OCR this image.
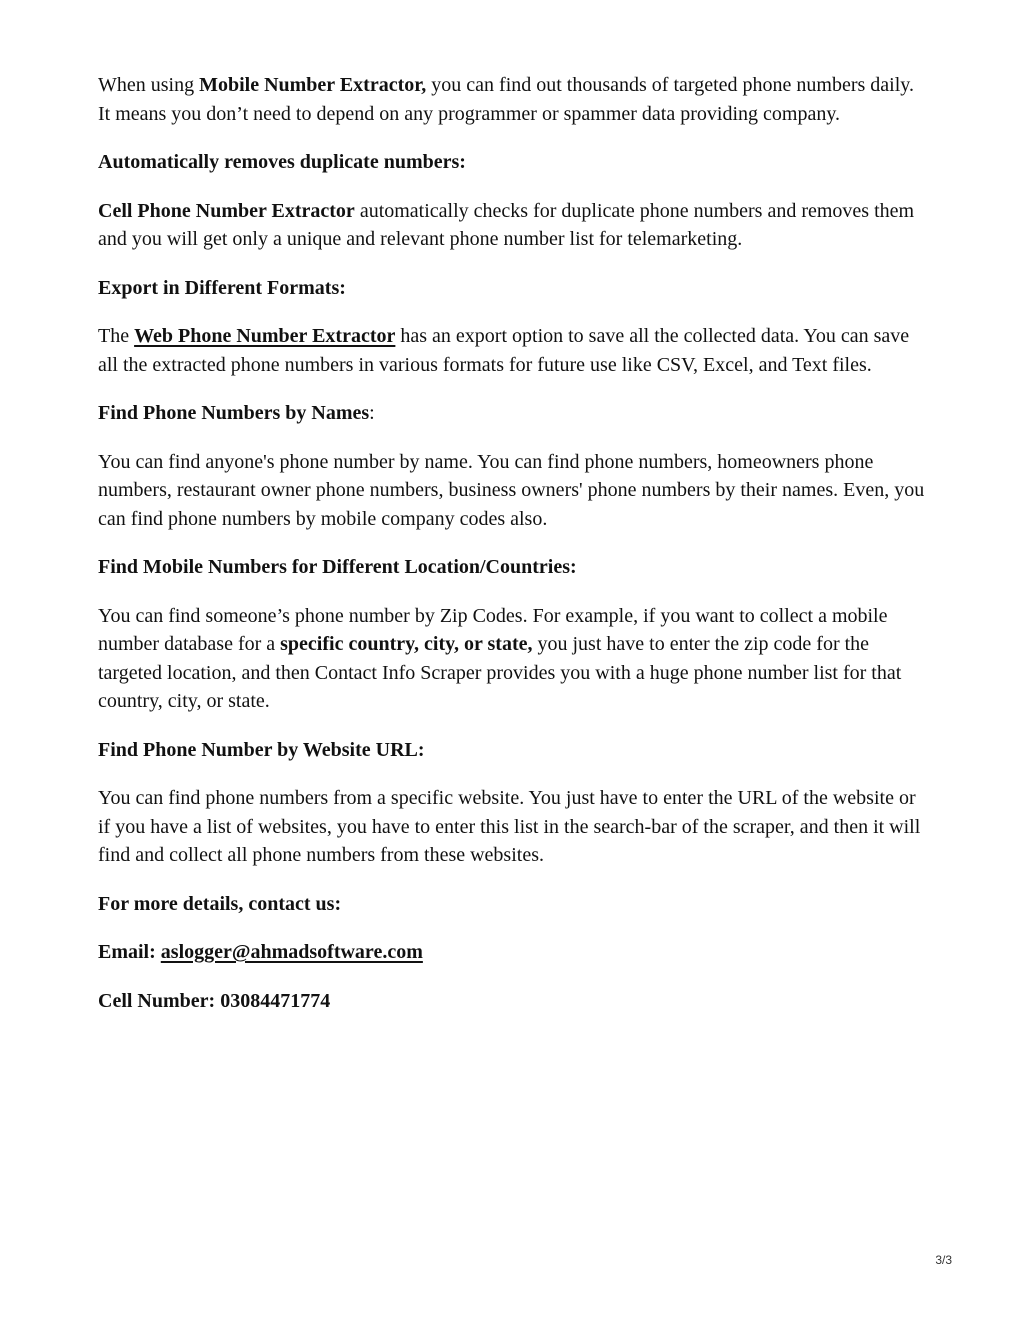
When using Mobile Number Extractor, you can find out thousands of targeted phone numbers daily. It means you don’t need to depend on any programmer or spammer data providing company.

Automatically removes duplicate numbers:

Cell Phone Number Extractor automatically checks for duplicate phone numbers and removes them and you will get only a unique and relevant phone number list for telemarketing.

Export in Different Formats:

The Web Phone Number Extractor has an export option to save all the collected data. You can save all the extracted phone numbers in various formats for future use like CSV, Excel, and Text files.

Find Phone Numbers by Names:

You can find anyone's phone number by name. You can find phone numbers, homeowners phone numbers, restaurant owner phone numbers, business owners' phone numbers by their names. Even, you can find phone numbers by mobile company codes also.

Find Mobile Numbers for Different Location/Countries:

You can find someone’s phone number by Zip Codes. For example, if you want to collect a mobile number database for a specific country, city, or state, you just have to enter the zip code for the targeted location, and then Contact Info Scraper provides you with a huge phone number list for that country, city, or state.

Find Phone Number by Website URL:

You can find phone numbers from a specific website. You just have to enter the URL of the website or if you have a list of websites, you have to enter this list in the search-bar of the scraper, and then it will find and collect all phone numbers from these websites.

For more details, contact us:

Email: aslogger@ahmadsoftware.com

Cell Number: 03084471774

3/3
